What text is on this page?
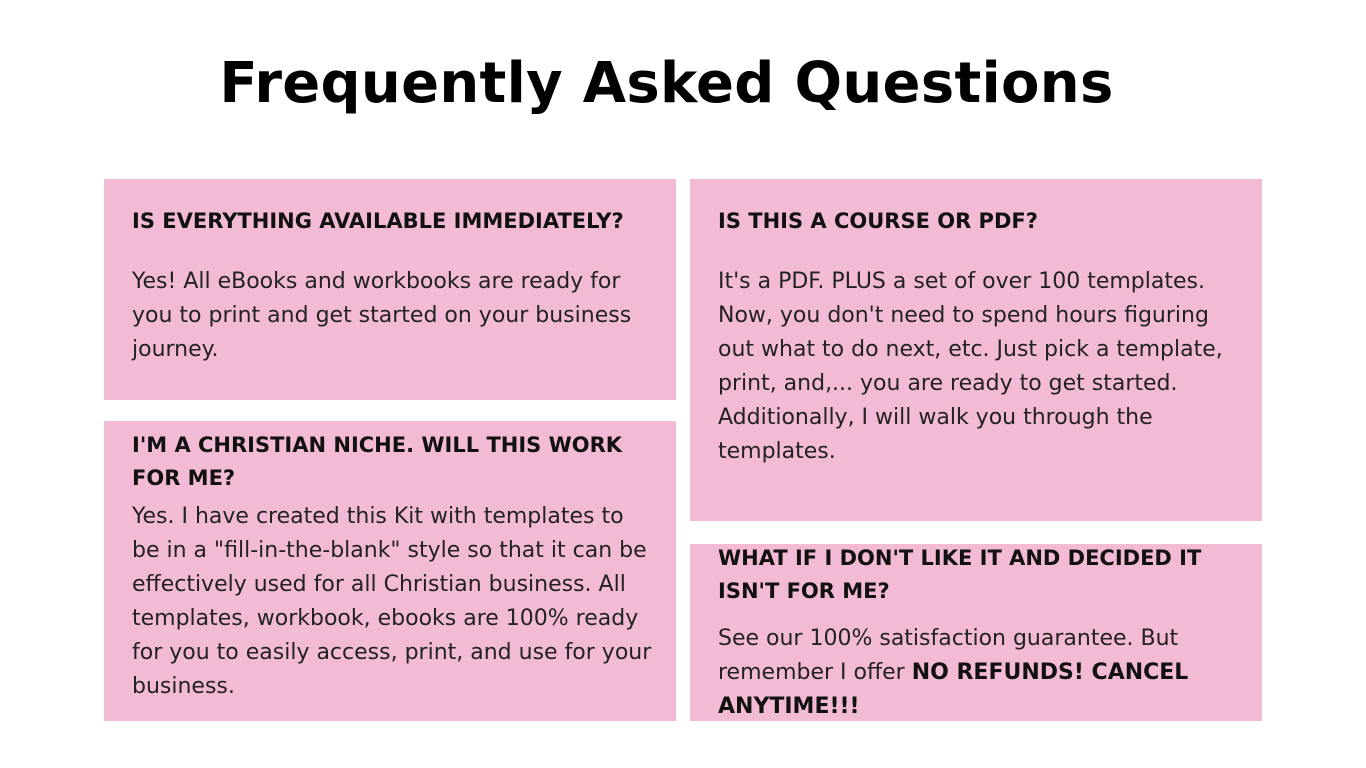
Frequently Asked Questions
IS EVERYTHING AVAILABLE IMMEDIATELY?

Yes! All eBooks and workbooks are ready for you to print and get started on your business journey.

I'M A CHRISTIAN NICHE. WILL THIS WORK FOR ME?

Yes. I have created this Kit with templates to be in a "fill-in-the-blank" style so that it can be effectively used for all Christian business. All templates, workbook, ebooks are 100% ready for you to easily access, print, and use for your business.

IS THIS A COURSE OR PDF?

It's a PDF. PLUS a set of over 100 templates. Now, you don't need to spend hours figuring out what to do next, etc. Just pick a template, print, and,... you are ready to get started. Additionally, I will walk you through the templates.

WHAT IF I DON'T LIKE IT AND DECIDED IT ISN'T FOR ME?

See our 100% satisfaction guarantee. But remember I offer NO REFUNDS! CANCEL ANYTIME!!!
